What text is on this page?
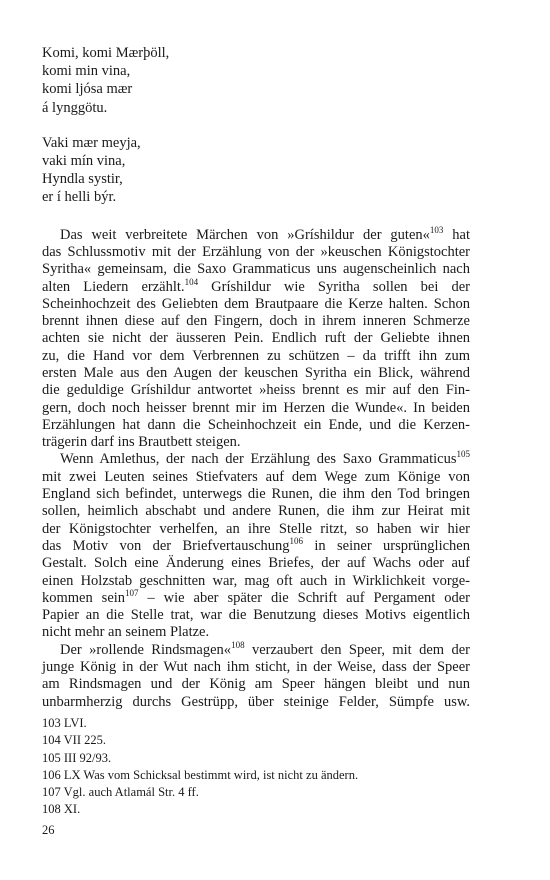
Komi, komi Mærþöll,
komi min vina,
komi ljósa mær
á lynggötu.

Vaki mær meyja,
vaki mín vina,
Hyndla systir,
er í helli býr.

Das weit verbreitete Märchen von »Gríshildur der guten«$^{103}$ hat
das Schlussmotiv mit der Erzählung von der »keuschen Königstochter
Syritha« gemeinsam, die Saxo Grammaticus uns augenscheinlich nach
alten Liedern erzählt.$^{104}$ Gríshildur wie Syritha sollen bei der
Scheinhochzeit des Geliebten dem Brautpaare die Kerze halten. Schon
brennt ihnen diese auf den Fingern, doch in ihrem inneren Schmerze
achten sie nicht der äusseren Pein. Endlich ruft der Geliebte ihnen
zu, die Hand vor dem Verbrennen zu schützen – da trifft ihn zum
ersten Male aus den Augen der keuschen Syritha ein Blick, während
die geduldige Gríshildur antwortet »heiss brennt es mir auf den Fin-
gern, doch noch heisser brennt mir im Herzen die Wunde«. In beiden
Erzählungen hat dann die Scheinhochzeit ein Ende, und die Kerzen-
trägerin darf ins Brautbett steigen.

Wenn Amlethus, der nach der Erzählung des Saxo Grammaticus$^{105}$
mit zwei Leuten seines Stiefvaters auf dem Wege zum Könige von
England sich befindet, unterwegs die Runen, die ihm den Tod bringen
sollen, heimlich abschabt und andere Runen, die ihm zur Heirat mit
der Königstochter verhelfen, an ihre Stelle ritzt, so haben wir hier
das Motiv von der Briefvertauschung$^{106}$ in seiner ursprünglichen
Gestalt. Solch eine Änderung eines Briefes, der auf Wachs oder auf
einen Holzstab geschnitten war, mag oft auch in Wirklichkeit vorge-
kommen sein$^{107}$ – wie aber später die Schrift auf Pergament oder
Papier an die Stelle trat, war die Benutzung dieses Motivs eigentlich
nicht mehr an seinem Platze.

Der »rollende Rindsmagen«$^{108}$ verzaubert den Speer, mit dem der
junge König in der Wut nach ihm sticht, in der Weise, dass der Speer
am Rindsmagen und der König am Speer hängen bleibt und nun
unbarmherzig durchs Gestrüpp, über steinige Felder, Sümpfe usw.

103 LVI.
104 VII 225.
105 III 92/93.
106 LX Was vom Schicksal bestimmt wird, ist nicht zu ändern.
107 Vgl. auch Atlamál Str. 4 ff.
108 XI.
26
